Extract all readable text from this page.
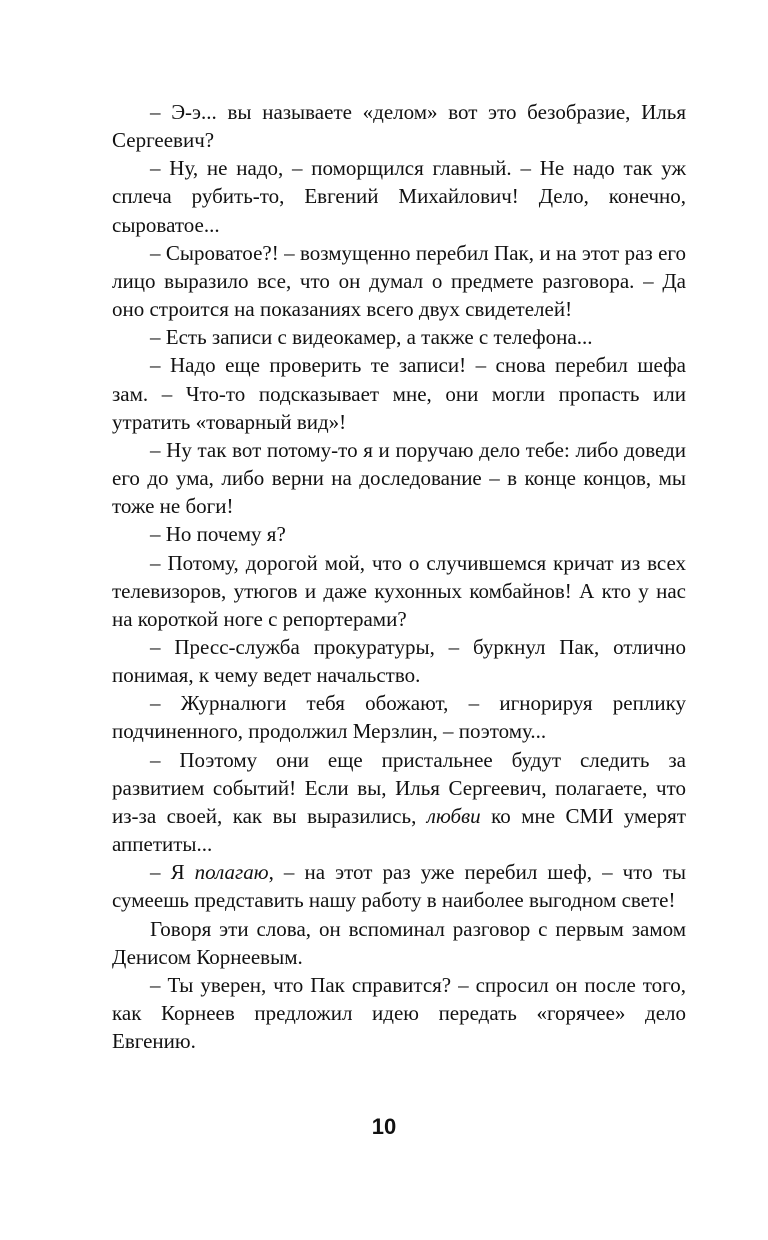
– Э-э... вы называете «делом» вот это безобразие, Илья Сергеевич?

– Ну, не надо, – поморщился главный. – Не надо так уж сплеча рубить-то, Евгений Михайлович! Дело, конечно, сыроватое...

– Сыроватое?! – возмущенно перебил Пак, и на этот раз его лицо выразило все, что он думал о предмете разговора. – Да оно строится на показаниях всего двух свидетелей!

– Есть записи с видеокамер, а также с телефона...

– Надо еще проверить те записи! – снова перебил шефа зам. – Что-то подсказывает мне, они могли пропасть или утратить «товарный вид»!

– Ну так вот потому-то я и поручаю дело тебе: либо доведи его до ума, либо верни на доследование – в конце концов, мы тоже не боги!

– Но почему я?

– Потому, дорогой мой, что о случившемся кричат из всех телевизоров, утюгов и даже кухонных комбайнов! А кто у нас на короткой ноге с репортерами?

– Пресс-служба прокуратуры, – буркнул Пак, отлично понимая, к чему ведет начальство.

– Журналюги тебя обожают, – игнорируя реплику подчиненного, продолжил Мерзлин, – поэтому...

– Поэтому они еще пристальнее будут следить за развитием событий! Если вы, Илья Сергеевич, полагаете, что из-за своей, как вы выразились, любви ко мне СМИ умерят аппетиты...

– Я полагаю, – на этот раз уже перебил шеф, – что ты сумеешь представить нашу работу в наиболее выгодном свете!

Говоря эти слова, он вспоминал разговор с первым замом Денисом Корнеевым.

– Ты уверен, что Пак справится? – спросил он после того, как Корнеев предложил идею передать «горячее» дело Евгению.

10
